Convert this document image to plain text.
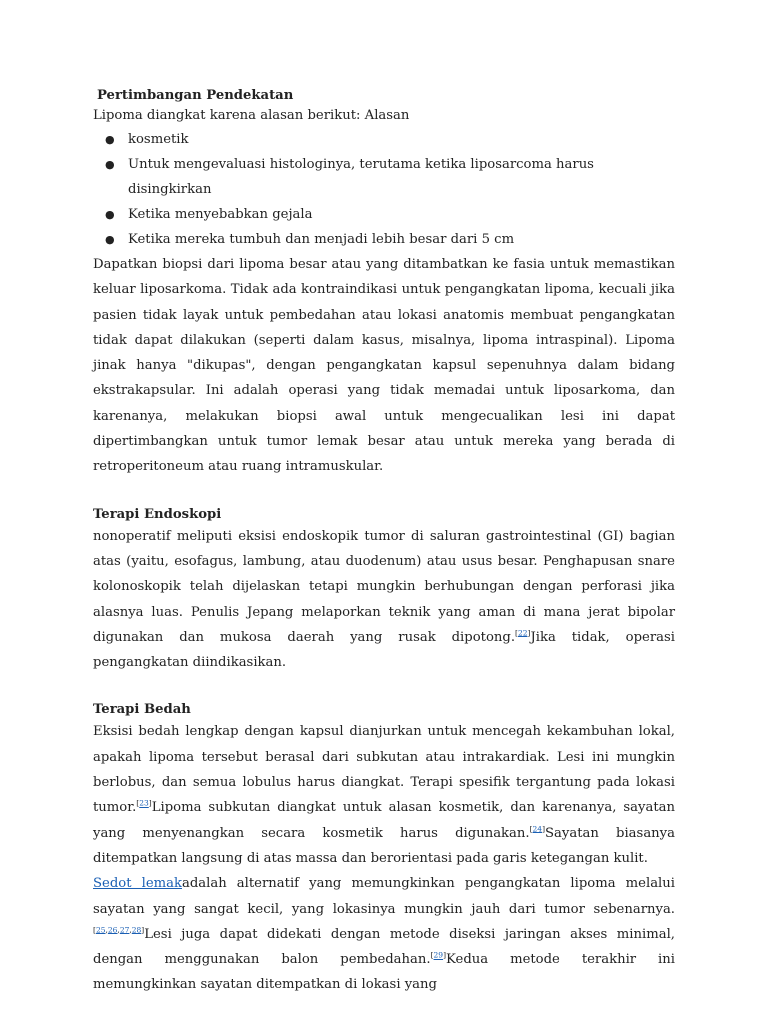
Pertimbangan Pendekatan
Lipoma diangkat karena alasan berikut: Alasan
● kosmetik
● Untuk mengevaluasi histologinya, terutama ketika liposarcoma harus disingkirkan
● Ketika menyebabkan gejala
● Ketika mereka tumbuh dan menjadi lebih besar dari 5 cm

Dapatkan biopsi dari lipoma besar atau yang ditambatkan ke fasia untuk memastikan keluar liposarkoma. Tidak ada kontraindikasi untuk pengangkatan lipoma, kecuali jika pasien tidak layak untuk pembedahan atau lokasi anatomis membuat pengangkatan tidak dapat dilakukan (seperti dalam kasus, misalnya, lipoma intraspinal). Lipoma jinak hanya "dikupas", dengan pengangkatan kapsul sepenuhnya dalam bidang ekstrakapsular. Ini adalah operasi yang tidak memadai untuk liposarkoma, dan karenanya, melakukan biopsi awal untuk mengecualikan lesi ini dapat dipertimbangkan untuk tumor lemak besar atau untuk mereka yang berada di retroperitoneum atau ruang intramuskular.

Terapi Endoskopi

nonoperatif meliputi eksisi endoskopik tumor di saluran gastrointestinal (GI) bagian atas (yaitu, esofagus, lambung, atau duodenum) atau usus besar. Penghapusan snare kolonoskopik telah dijelaskan tetapi mungkin berhubungan dengan perforasi jika alasnya luas. Penulis Jepang melaporkan teknik yang aman di mana jerat bipolar digunakan dan mukosa daerah yang rusak dipotong.[22]Jika tidak, operasi pengangkatan diindikasikan.

Terapi Bedah

Eksisi bedah lengkap dengan kapsul dianjurkan untuk mencegah kekambuhan lokal, apakah lipoma tersebut berasal dari subkutan atau intrakardiak. Lesi ini mungkin berlobus, dan semua lobulus harus diangkat. Terapi spesifik tergantung pada lokasi tumor.[23]Lipoma subkutan diangkat untuk alasan kosmetik, dan karenanya, sayatan yang menyenangkan secara kosmetik harus digunakan.[24]Sayatan biasanya ditempatkan langsung di atas massa dan berorientasi pada garis ketegangan kulit.

Sedot lemakadalah alternatif yang memungkinkan pengangkatan lipoma melalui sayatan yang sangat kecil, yang lokasinya mungkin jauh dari tumor sebenarnya.[25,26,27,28]Lesi juga dapat didekati dengan metode diseksi jaringan akses minimal, dengan menggunakan balon pembedahan.[29]Kedua metode terakhir ini memungkinkan sayatan ditempatkan di lokasi yang
